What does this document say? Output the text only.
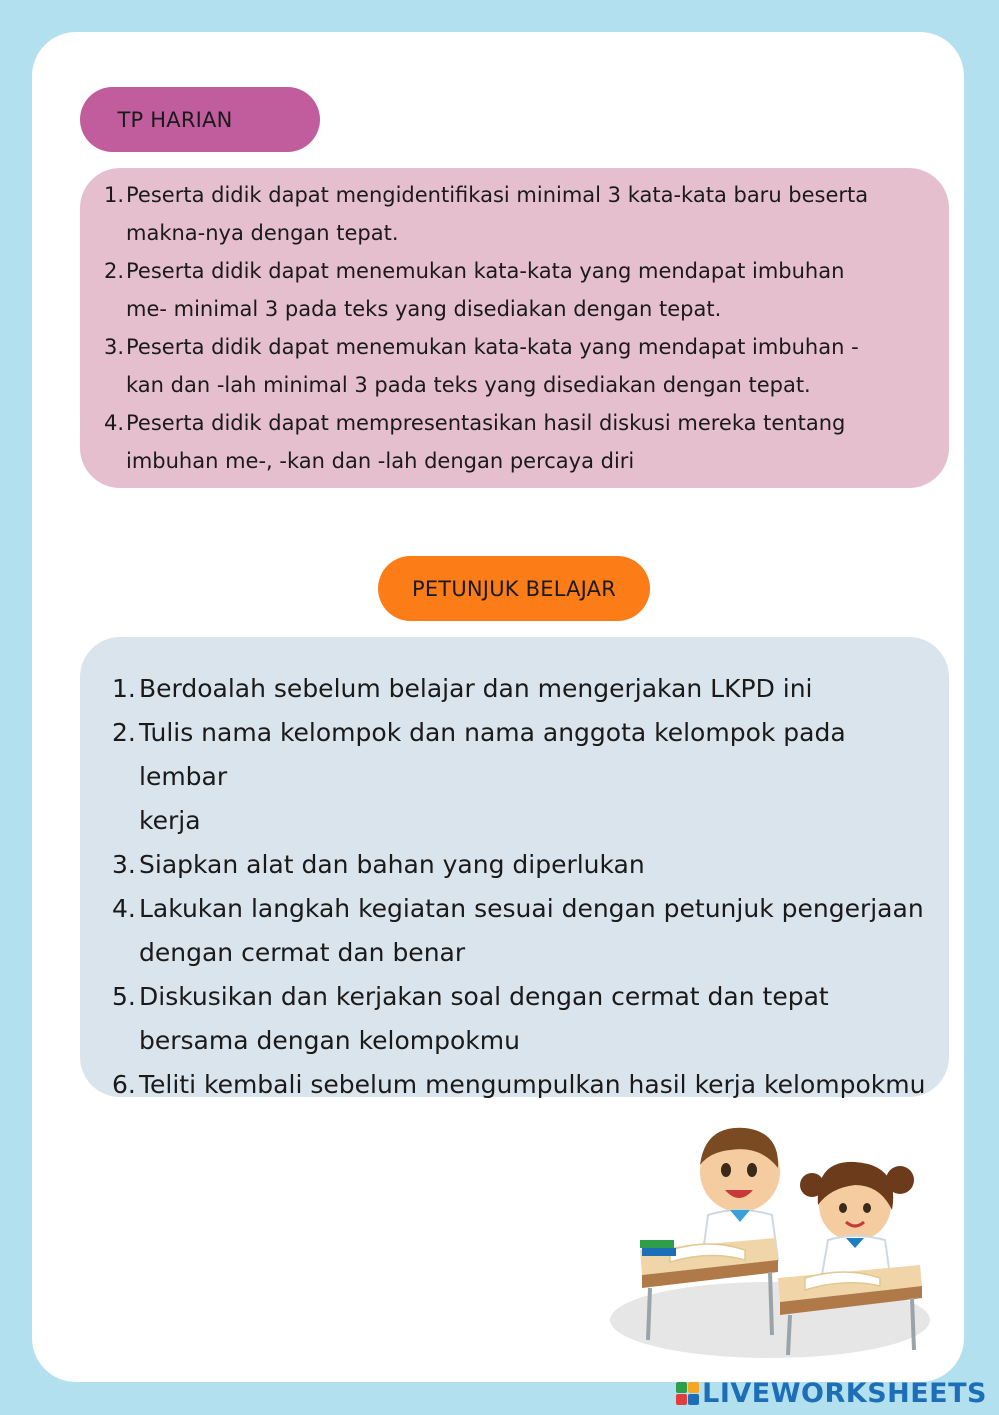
TP HARIAN
1. Peserta didik dapat mengidentifikasi minimal 3 kata-kata baru beserta
makna-nya dengan tepat.
2. Peserta didik dapat menemukan kata-kata yang mendapat imbuhan
me- minimal 3 pada teks yang disediakan dengan tepat.
3. Peserta didik dapat menemukan kata-kata yang mendapat imbuhan -
kan dan -lah minimal 3 pada teks yang disediakan dengan tepat.
4. Peserta didik dapat mempresentasikan hasil diskusi mereka tentang
imbuhan me-, -kan dan -lah dengan percaya diri
PETUNJUK BELAJAR
1. Berdoalah sebelum belajar dan mengerjakan LKPD ini
2. Tulis nama kelompok dan nama anggota kelompok pada lembar
kerja
3. Siapkan alat dan bahan yang diperlukan
4. Lakukan langkah kegiatan sesuai dengan petunjuk pengerjaan
dengan cermat dan benar
5. Diskusikan dan kerjakan soal dengan cermat dan tepat
bersama dengan kelompokmu
6. Teliti kembali sebelum mengumpulkan hasil kerja kelompokmu
LIVEWORKSHEETS
